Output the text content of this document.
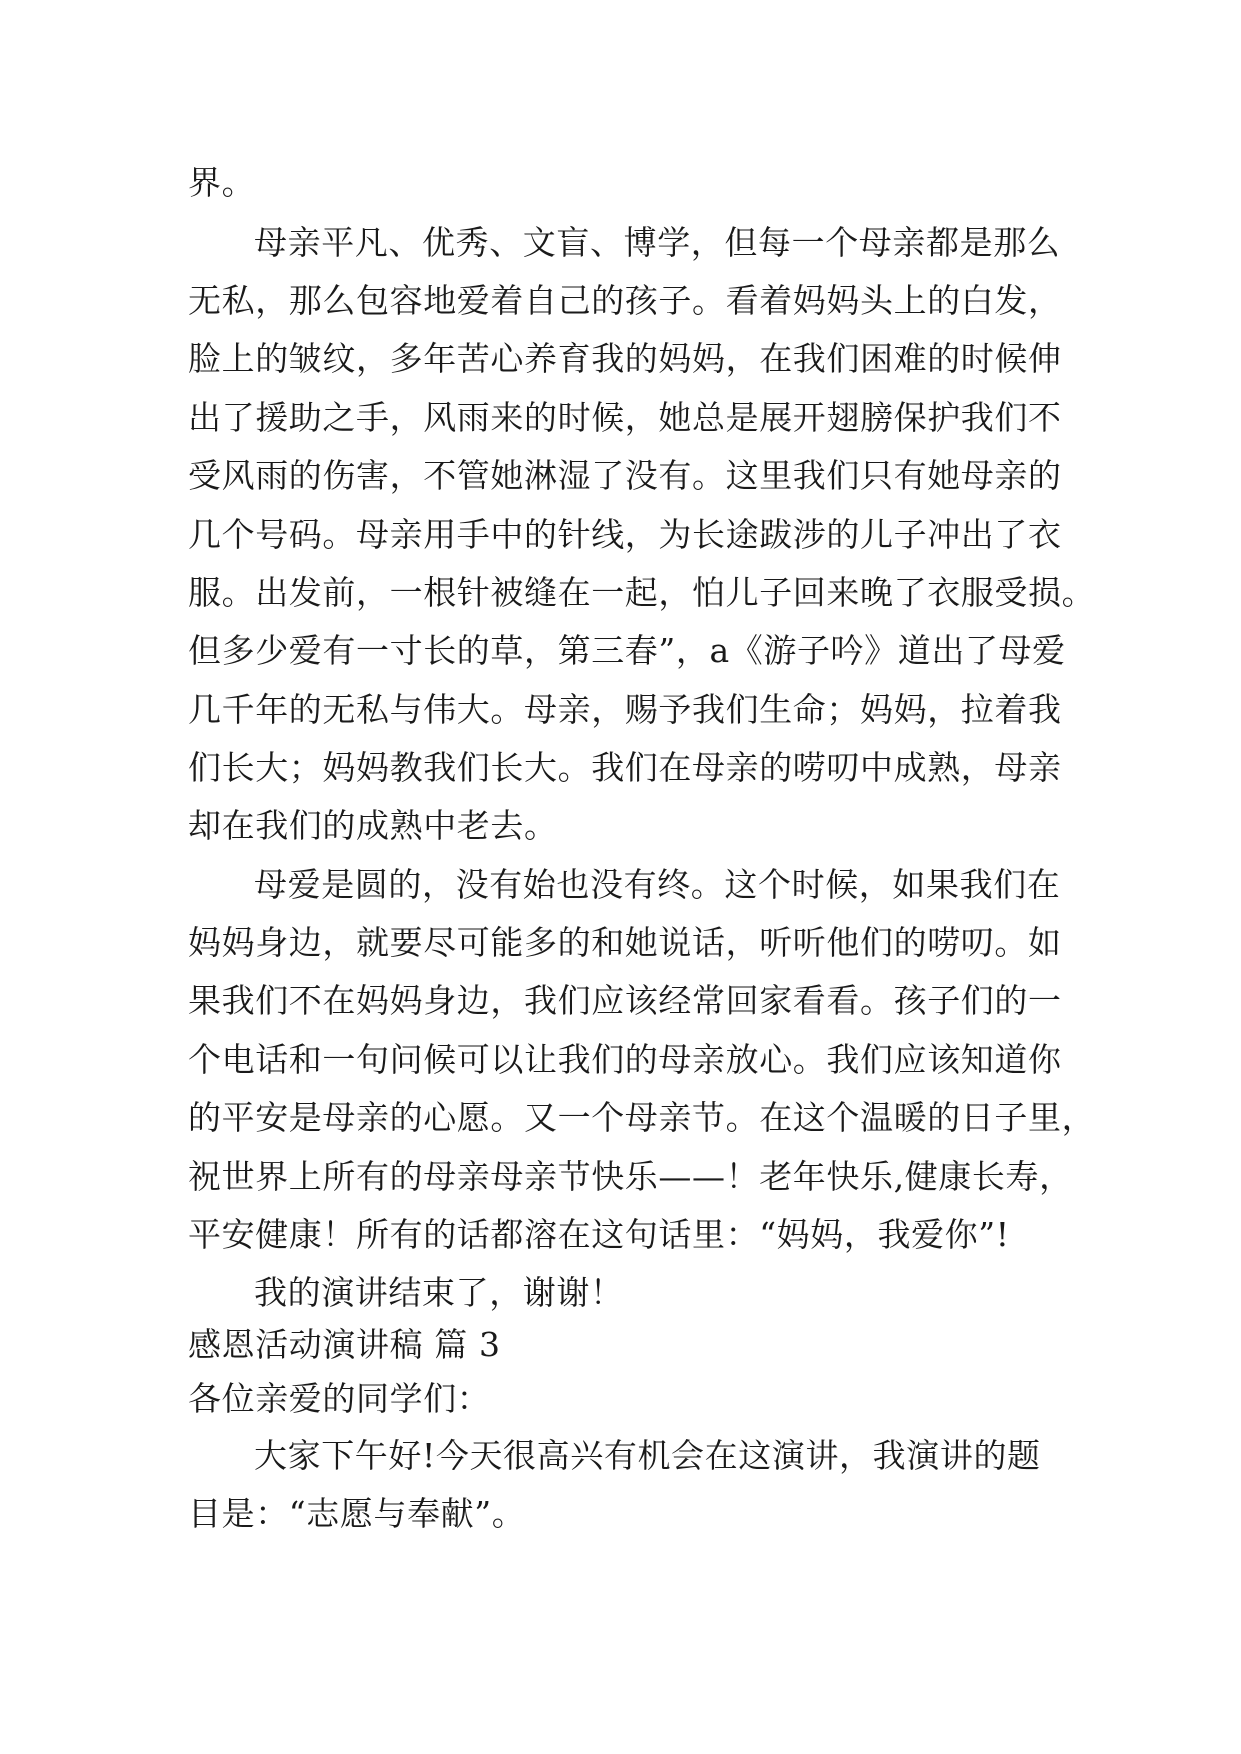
界。
母亲平凡、优秀、文盲、博学，但每一个母亲都是那么
无私，那么包容地爱着自己的孩子。看着妈妈头上的白发，
脸上的皱纹，多年苦心养育我的妈妈，在我们困难的时候伸
出了援助之手，风雨来的时候，她总是展开翅膀保护我们不
受风雨的伤害，不管她淋湿了没有。这里我们只有她母亲的
几个号码。母亲用手中的针线，为长途跋涉的儿子冲出了衣
服。出发前，一根针被缝在一起，怕儿子回来晚了衣服受损。
但多少爱有一寸长的草，第三春”，a《游子吟》道出了母爱
几千年的无私与伟大。母亲，赐予我们生命；妈妈，拉着我
们长大；妈妈教我们长大。我们在母亲的唠叨中成熟，母亲
却在我们的成熟中老去。
母爱是圆的，没有始也没有终。这个时候，如果我们在
妈妈身边，就要尽可能多的和她说话，听听他们的唠叨。如
果我们不在妈妈身边，我们应该经常回家看看。孩子们的一
个电话和一句问候可以让我们的母亲放心。我们应该知道你
的平安是母亲的心愿。又一个母亲节。在这个温暖的日子里，
祝世界上所有的母亲母亲节快乐——！老年快乐,健康长寿，
平安健康！所有的话都溶在这句话里：“妈妈，我爱你”!
我的演讲结束了，谢谢！
感恩活动演讲稿 篇 3
各位亲爱的同学们：
大家下午好!今天很高兴有机会在这演讲，我演讲的题
目是：“志愿与奉献”。
